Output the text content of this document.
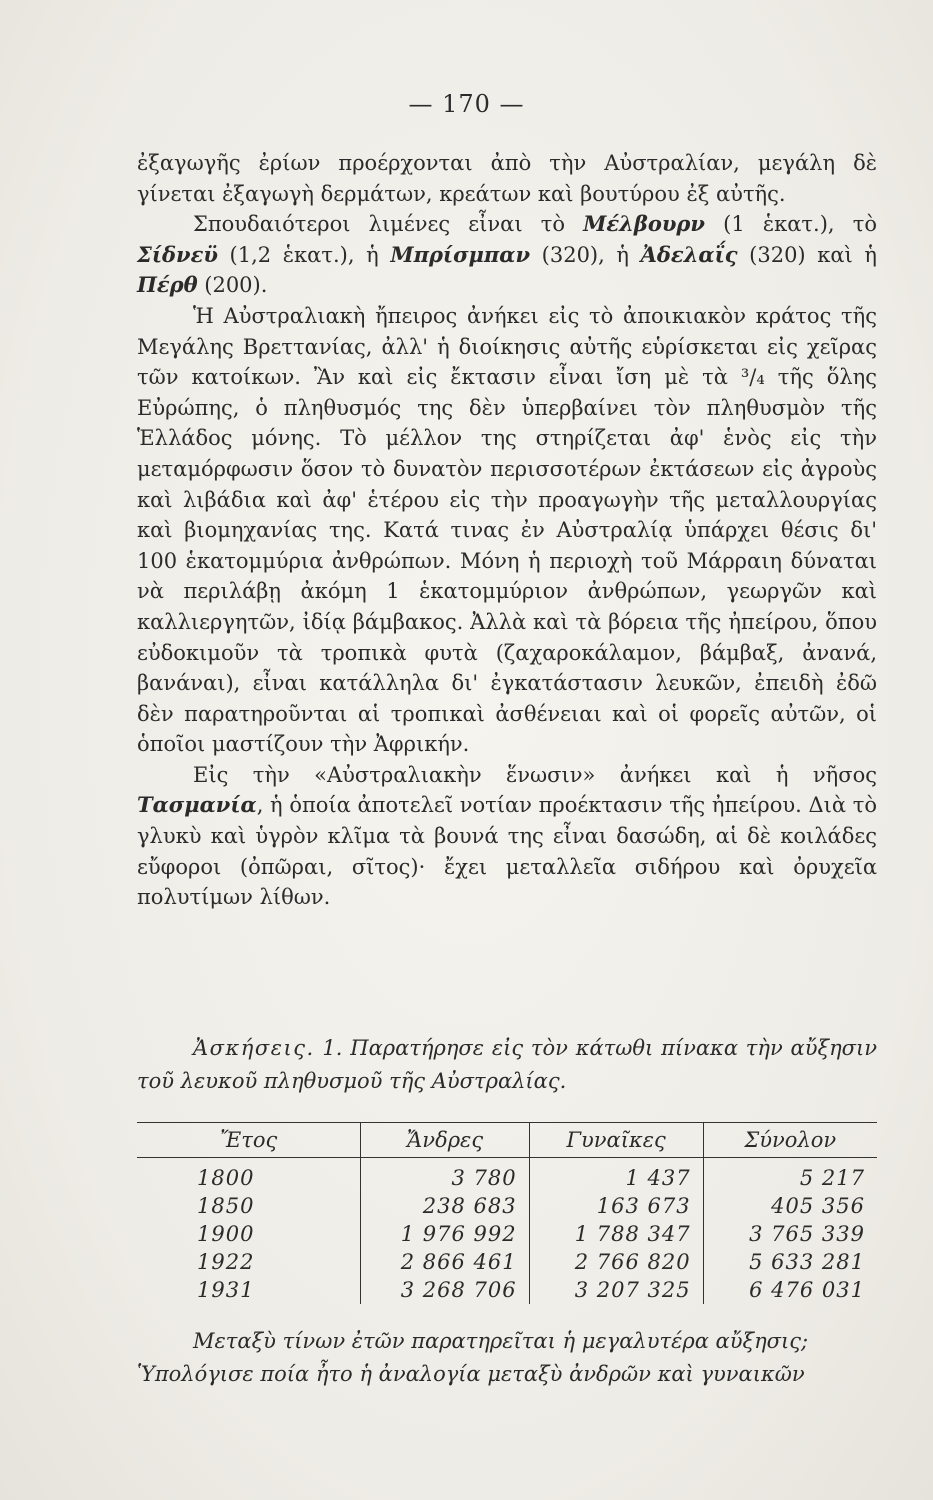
— 170 —

ἐξαγωγῆς ἐρίων προέρχονται ἀπὸ τὴν Αὐστραλίαν, μεγάλη δὲ γίνεται ἐξαγωγὴ δερμάτων, κρεάτων καὶ βουτύρου ἐξ αὐτῆς.

Σπουδαιότεροι λιμένες εἶναι τὸ Μέλβουρν (1 ἑκατ.), τὸ Σίδνεϋ (1,2 ἑκατ.), ἡ Μπρίσμπαν (320), ἡ Ἀδελαΐς (320) καὶ ἡ Πέρθ (200).

Ἡ Αὐστραλιακὴ ἤπειρος ἀνήκει εἰς τὸ ἀποικιακὸν κράτος τῆς Μεγάλης Βρεττανίας, ἀλλ' ἡ διοίκησις αὐτῆς εὑρίσκεται εἰς χεῖρας τῶν κατοίκων. Ἂν καὶ εἰς ἔκτασιν εἶναι ἴση μὲ τὰ ³/₄ τῆς ὅλης Εὐρώπης, ὁ πληθυσμός της δὲν ὑπερβαίνει τὸν πληθυσμὸν τῆς Ἑλλάδος μόνης. Τὸ μέλλον της στηρίζεται ἀφ' ἑνὸς εἰς τὴν μεταμόρφωσιν ὅσον τὸ δυνατὸν περισσοτέρων ἐκτάσεων εἰς ἀγροὺς καὶ λιβάδια καὶ ἀφ' ἑτέρου εἰς τὴν προαγωγὴν τῆς μεταλλουργίας καὶ βιομηχανίας της. Κατά τινας ἐν Αὐστραλίᾳ ὑπάρχει θέσις δι' 100 ἑκατομμύρια ἀνθρώπων. Μόνη ἡ περιοχὴ τοῦ Μάρραιη δύναται νὰ περιλάβῃ ἀκόμη 1 ἑκατομμύριον ἀνθρώπων, γεωργῶν καὶ καλλιεργητῶν, ἰδίᾳ βάμβακος. Ἀλλὰ καὶ τὰ βόρεια τῆς ἠπείρου, ὅπου εὐδοκιμοῦν τὰ τροπικὰ φυτὰ (ζαχαροκάλαμον, βάμβαξ, ἀνανά, βανάναι), εἶναι κατάλληλα δι' ἐγκατάστασιν λευκῶν, ἐπειδὴ ἐδῶ δὲν παρατηροῦνται αἱ τροπικαὶ ἀσθένειαι καὶ οἱ φορεῖς αὐτῶν, οἱ ὁποῖοι μαστίζουν τὴν Ἀφρικήν.

Εἰς τὴν «Αὐστραλιακὴν ἕνωσιν» ἀνήκει καὶ ἡ νῆσος Τασμανία, ἡ ὁποία ἀποτελεῖ νοτίαν προέκτασιν τῆς ἠπείρου. Διὰ τὸ γλυκὺ καὶ ὑγρὸν κλῖμα τὰ βουνά της εἶναι δασώδη, αἱ δὲ κοιλάδες εὔφοροι (ὀπῶραι, σῖτος)· ἔχει μεταλλεῖα σιδήρου καὶ ὀρυχεῖα πολυτίμων λίθων.

Ἀσκήσεις. 1. Παρατήρησε εἰς τὸν κάτωθι πίνακα τὴν αὔξησιν τοῦ λευκοῦ πληθυσμοῦ τῆς Αὐστραλίας.

Ἔτος	Ἄνδρες	Γυναῖκες	Σύνολον
1800	3 780	1 437	5 217
1850	238 683	163 673	405 356
1900	1 976 992	1 788 347	3 765 339
1922	2 866 461	2 766 820	5 633 281
1931	3 268 706	3 207 325	6 476 031

Μεταξὺ τίνων ἐτῶν παρατηρεῖται ἡ μεγαλυτέρα αὔξησις;

Ὑπολόγισε ποία ἦτο ἡ ἀναλογία μεταξὺ ἀνδρῶν καὶ γυναικῶν
